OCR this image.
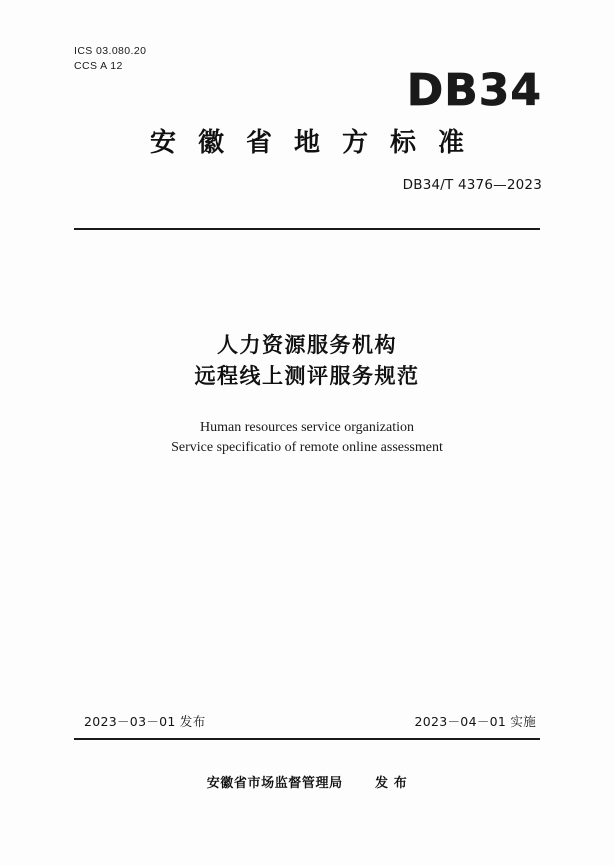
ICS 03.080.20
CCS A 12	DB34
安徽省地方标准
DB34/T 4376—2023
人力资源服务机构
远程线上测评服务规范
Human resources service organization
Service specificatio of remote online assessment
2023－03－01 发布	2023－04－01 实施
安徽省市场监督管理局 发 布
